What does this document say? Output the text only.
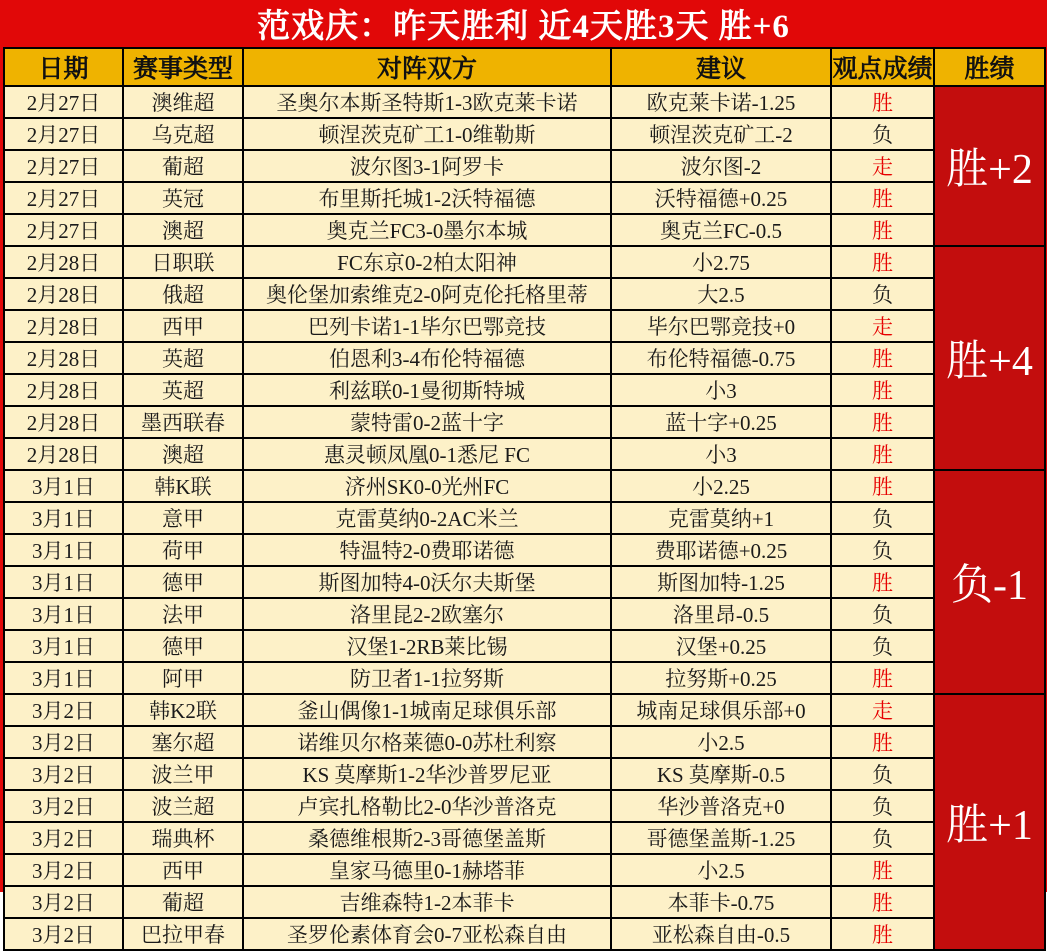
范戏庆：昨天胜利 近4天胜3天 胜+6
日期	赛事类型	对阵双方	建议	观点成绩	胜绩
2月27日	澳维超	圣奥尔本斯圣特斯1-3欧克莱卡诺	欧克莱卡诺-1.25	胜	胜+2
2月27日	乌克超	顿涅茨克矿工1-0维勒斯	顿涅茨克矿工-2	负	
2月27日	葡超	波尔图3-1阿罗卡	波尔图-2	走	
2月27日	英冠	布里斯托城1-2沃特福德	沃特福德+0.25	胜	
2月27日	澳超	奥克兰FC3-0墨尔本城	奥克兰FC-0.5	胜	
2月28日	日职联	FC东京0-2柏太阳神	小2.75	胜	胜+4
2月28日	俄超	奥伦堡加索维克2-0阿克伦托格里蒂	大2.5	负	
2月28日	西甲	巴列卡诺1-1毕尔巴鄂竞技	毕尔巴鄂竞技+0	走	
2月28日	英超	伯恩利3-4布伦特福德	布伦特福德-0.75	胜	
2月28日	英超	利兹联0-1曼彻斯特城	小3	胜	
2月28日	墨西联春	蒙特雷0-2蓝十字	蓝十字+0.25	胜	
2月28日	澳超	惠灵顿凤凰0-1悉尼 FC	小3	胜	
3月1日	韩K联	济州SK0-0光州FC	小2.25	胜	负-1
3月1日	意甲	克雷莫纳0-2AC米兰	克雷莫纳+1	负	
3月1日	荷甲	特温特2-0费耶诺德	费耶诺德+0.25	负	
3月1日	德甲	斯图加特4-0沃尔夫斯堡	斯图加特-1.25	胜	
3月1日	法甲	洛里昆2-2欧塞尔	洛里昂-0.5	负	
3月1日	德甲	汉堡1-2RB莱比锡	汉堡+0.25	负	
3月1日	阿甲	防卫者1-1拉努斯	拉努斯+0.25	胜	
3月2日	韩K2联	釜山偶像1-1城南足球俱乐部	城南足球俱乐部+0	走	胜+1
3月2日	塞尔超	诺维贝尔格莱德0-0苏杜利察	小2.5	胜	
3月2日	波兰甲	KS 莫摩斯1-2华沙普罗尼亚	KS 莫摩斯-0.5	负	
3月2日	波兰超	卢宾扎格勒比2-0华沙普洛克	华沙普洛克+0	负	
3月2日	瑞典杯	桑德维根斯2-3哥德堡盖斯	哥德堡盖斯-1.25	负	
3月2日	西甲	皇家马德里0-1赫塔菲	小2.5	胜	
3月2日	葡超	吉维森特1-2本菲卡	本菲卡-0.75	胜	
3月2日	巴拉甲春	圣罗伦素体育会0-7亚松森自由	亚松森自由-0.5	胜	
